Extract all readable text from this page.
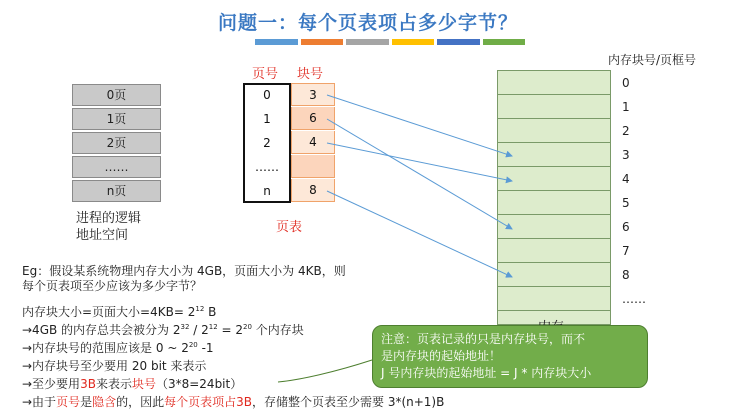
问题一：每个页表项占多少字节？
0页
1页
2页
……
n页
进程的逻辑
地址空间
页号 块号
0
1
2
……
n
3
6
4
8
页表
内存块号/页框号
0
1
2
3
4
5
6
7
8
……
Eg：假设某系统物理内存大小为 4GB，页面大小为 4KB，则
每个页表项至少应该为多少字节？
内存块大小=页面大小$=4KB= 2^{12}$ B
→4GB 的内存总共会被分为 $2^{32} / 2^{12} = 2^{20}$ 个内存块
→内存块号的范围应该是 0 ~ $2^{20}$ -1
→内存块号至少要用 20 bit 来表示
→至少要用3B来表示块号（3*8=24bit）
→由于页号是隐含的，因此每个页表项占3B，存储整个页表至少需要 3*(n+1)B
注意：页表记录的只是内存块号，而不
是内存块的起始地址！
J 号内存块的起始地址 = J * 内存块大小
